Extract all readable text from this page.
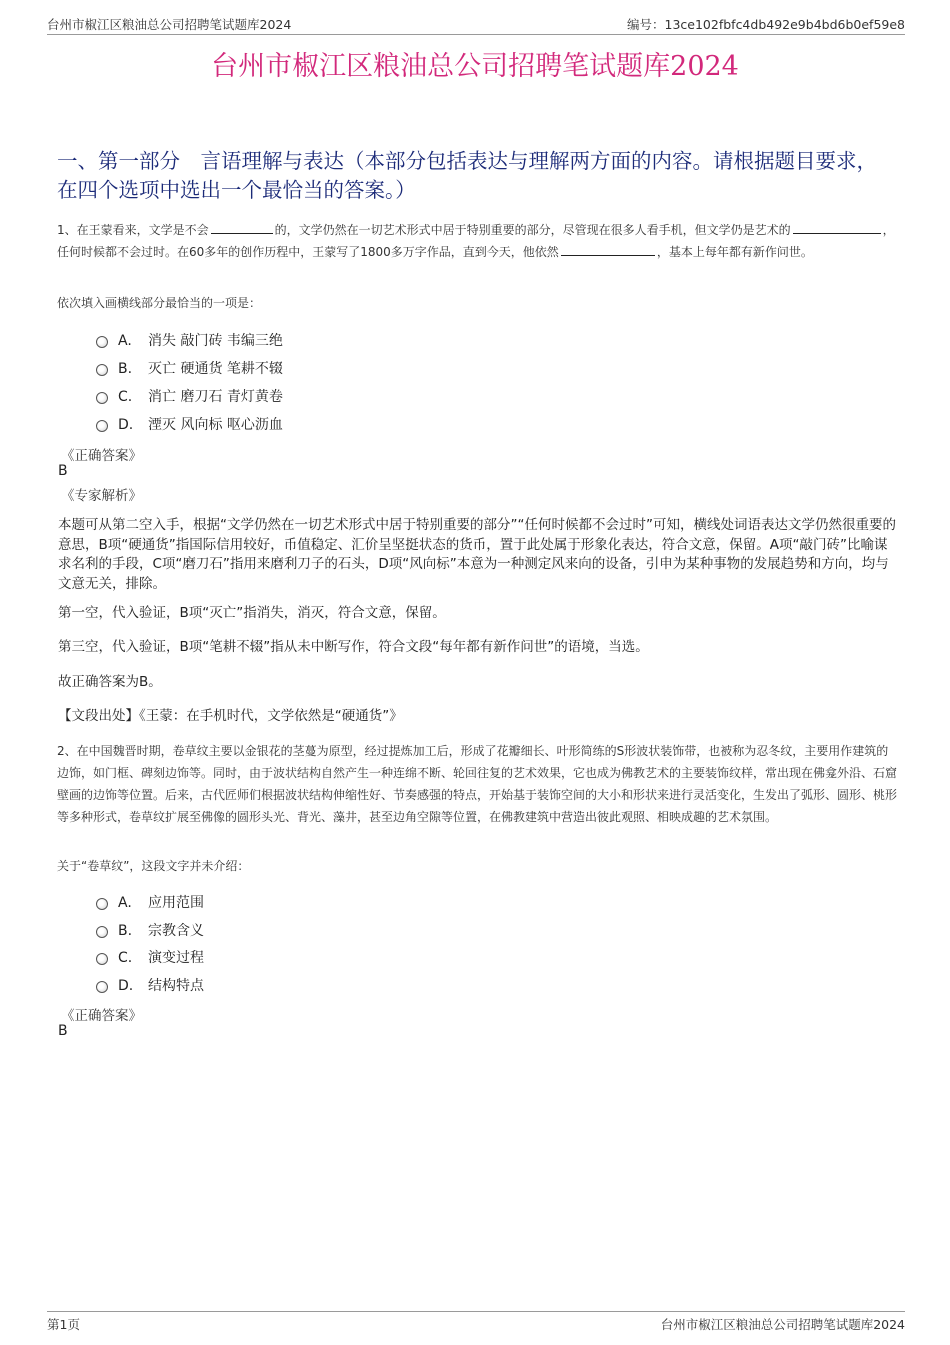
台州市椒江区粮油总公司招聘笔试题库2024	编号：13ce102fbfc4db492e9b4bd6b0ef59e8
台州市椒江区粮油总公司招聘笔试题库2024
一、第一部分　言语理解与表达（本部分包括表达与理解两方面的内容。请根据题目要求，在四个选项中选出一个最恰当的答案。）
1、在王蒙看来，文学是不会	的，文学仍然在一切艺术形式中居于特别重要的部分，尽管现在很多人看手机，但文学仍是艺术的	，任何时候都不会过时。在60多年的创作历程中，王蒙写了1800多万字作品，直到今天，他依然	，基本上每年都有新作问世。
依次填入画横线部分最恰当的一项是：
A. 消失 敲门砖 韦编三绝
B. 灭亡 硬通货 笔耕不辍
C. 消亡 磨刀石 青灯黄卷
D. 湮灭 风向标 呕心沥血
《正确答案》
B
《专家解析》
本题可从第二空入手，根据“文学仍然在一切艺术形式中居于特别重要的部分”“任何时候都不会过时”可知，横线处词语表达文学仍然很重要的意思，B项“硬通货”指国际信用较好，币值稳定、汇价呈坚挺状态的货币，置于此处属于形象化表达，符合文意，保留。A项“敲门砖”比喻谋求名利的手段，C项“磨刀石”指用来磨利刀子的石头，D项“风向标”本意为一种测定风来向的设备，引申为某种事物的发展趋势和方向，均与文意无关，排除。
第一空，代入验证，B项“灭亡”指消失，消灭，符合文意，保留。
第三空，代入验证，B项“笔耕不辍”指从未中断写作，符合文段“每年都有新作问世”的语境，当选。
故正确答案为B。
【文段出处】《王蒙：在手机时代，文学依然是“硬通货”》
2、在中国魏晋时期，卷草纹主要以金银花的茎蔓为原型，经过提炼加工后，形成了花瓣细长、叶形简练的S形波状装饰带，也被称为忍冬纹，主要用作建筑的边饰，如门框、碑刻边饰等。同时，由于波状结构自然产生一种连绵不断、轮回往复的艺术效果，它也成为佛教艺术的主要装饰纹样，常出现在佛龛外沿、石窟壁画的边饰等位置。后来，古代匠师们根据波状结构伸缩性好、节奏感强的特点，开始基于装饰空间的大小和形状来进行灵活变化，生发出了弧形、圆形、桃形等多种形式，卷草纹扩展至佛像的圆形头光、背光、藻井，甚至边角空隙等位置，在佛教建筑中营造出彼此观照、相映成趣的艺术氛围。
关于“卷草纹”，这段文字并未介绍：
A. 应用范围
B. 宗教含义
C. 演变过程
D. 结构特点
《正确答案》
B
第1页	台州市椒江区粮油总公司招聘笔试题库2024
